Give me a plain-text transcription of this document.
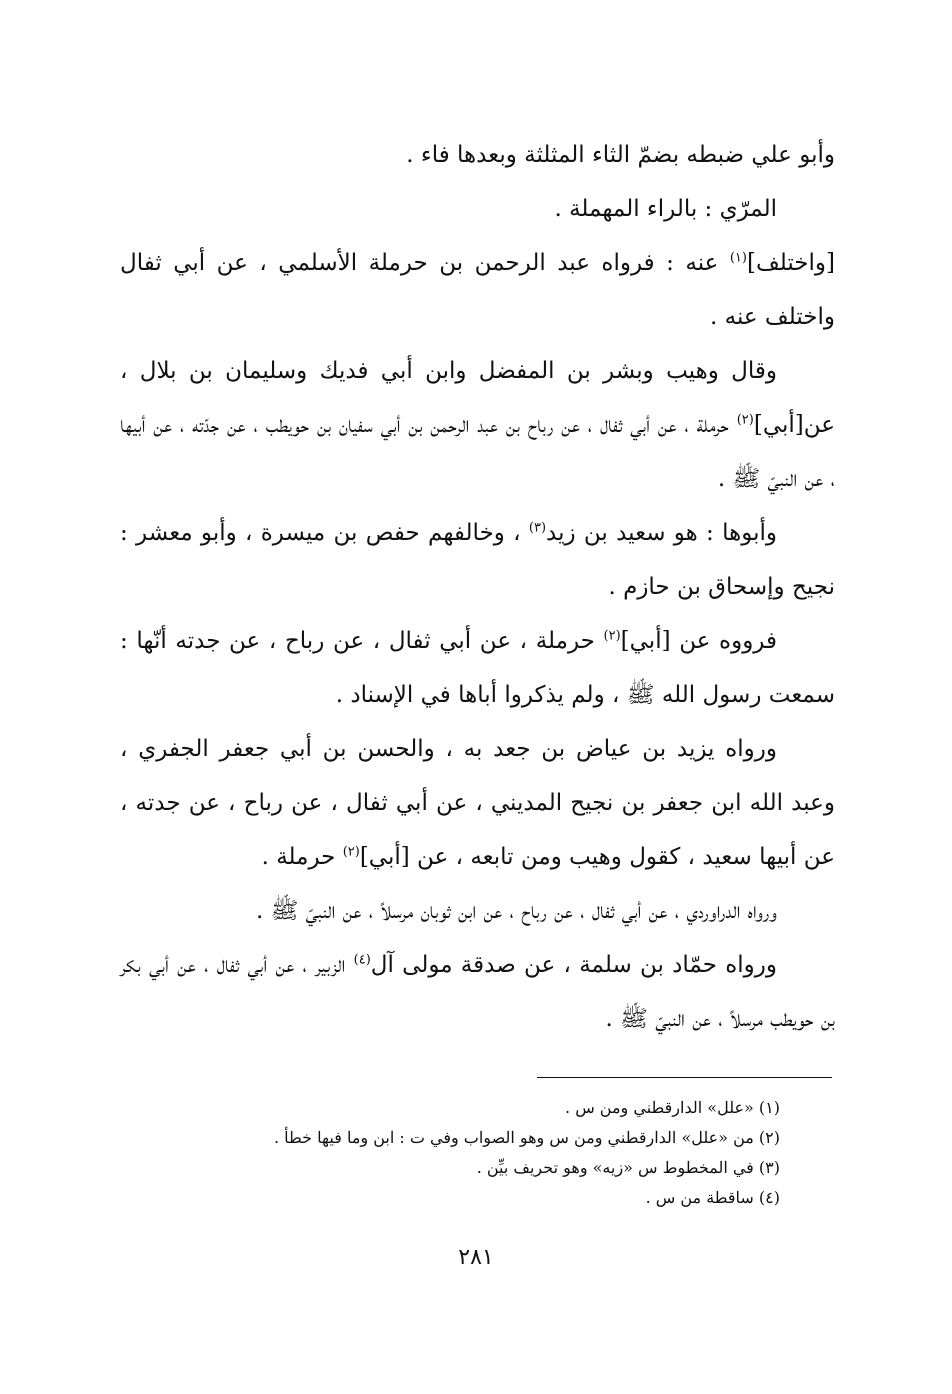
وأبو علي ضبطه بضمّ الثاء المثلثة وبعدها فاء .

المرّي : بالراء المهملة .

[واختلف]$^{(١)}$ عنه : فرواه عبد الرحمن بن حرملة الأسلمي ، عن أبي ثفال واختلف عنه .

وقال وهيب وبشر بن المفضل وابن أبي فديك وسليمان بن بلال ، عن[أبي]$^{(٢)}$ حرملة ، عن أبي ثفال ، عن رباح بن عبد الرحمن بن أبي سفيان بن حويطب ، عن جدّته ، عن أبيها ، عن النبيّ ﷺ .

وأبوها : هو سعيد بن زيد$^{(٣)}$ ، وخالفهم حفص بن ميسرة ، وأبو معشر : نجيح وإسحاق بن حازم .

فرووه عن [أبي]$^{(٢)}$ حرملة ، عن أبي ثفال ، عن رباح ، عن جدته أنّها : سمعت رسول الله ﷺ ، ولم يذكروا أباها في الإسناد .

ورواه يزيد بن عياض بن جعد به ، والحسن بن أبي جعفر الجفري ، وعبد الله ابن جعفر بن نجيح المديني ، عن أبي ثفال ، عن رباح ، عن جدته ، عن أبيها سعيد ، كقول وهيب ومن تابعه ، عن [أبي]$^{(٢)}$ حرملة .

ورواه الدراوردي ، عن أبي ثفال ، عن رباح ، عن ابن ثوبان مرسلاً ، عن النبيّ ﷺ .

ورواه حمّاد بن سلمة ، عن صدقة مولى آل$^{(٤)}$ الزبير ، عن أبي ثفال ، عن أبي بكر بن حويطب مرسلاً ، عن النبيّ ﷺ .

(١) «علل» الدارقطني ومن س .

(٢) من «علل» الدارقطني ومن س وهو الصواب وفي ت : ابن وما فيها خطأ .

(٣) في المخطوط س «زيه» وهو تحريف بيِّن .

(٤) ساقطة من س .

٢٨١
